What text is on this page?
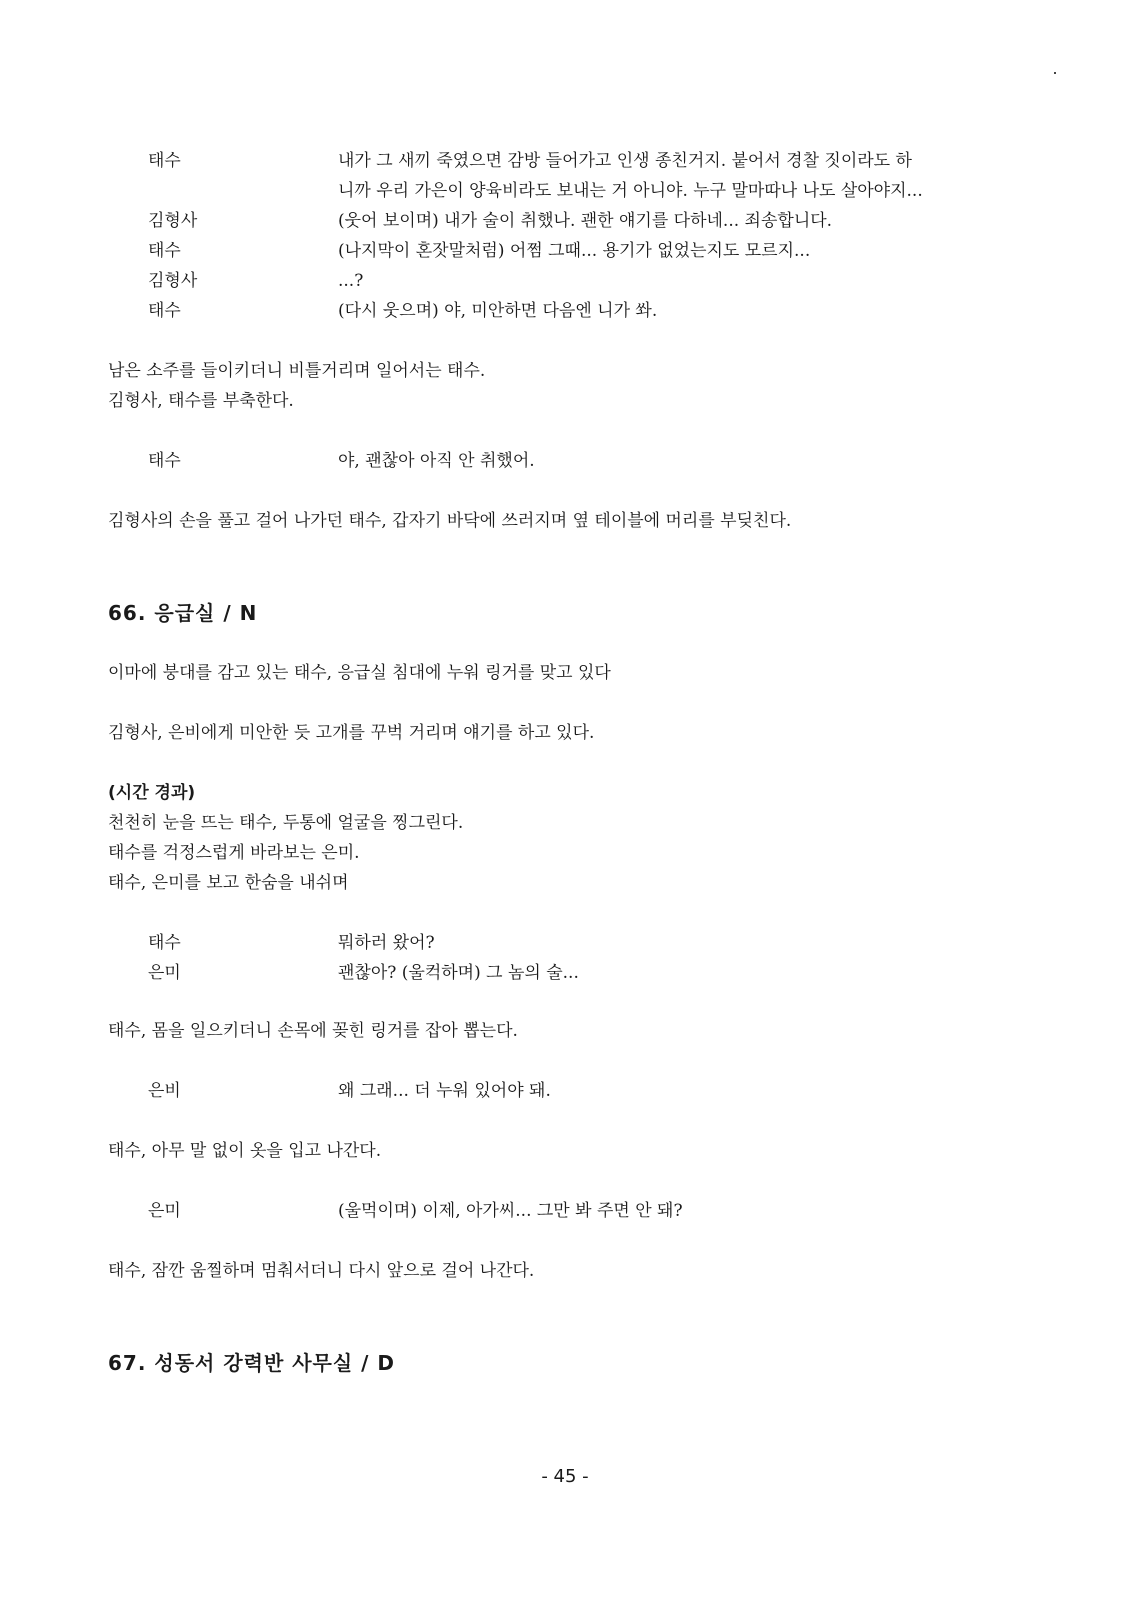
태수	내가 그 새끼 죽였으면 감방 들어가고 인생 종친거지. 붙어서 경찰 짓이라도 하
니까 우리 가은이 양육비라도 보내는 거 아니야. 누구 말마따나 나도 살아야지...
김형사	(웃어 보이며) 내가 술이 취했나. 괜한 얘기를 다하네... 죄송합니다.
태수	(나지막이 혼잣말처럼) 어쩜 그때... 용기가 없었는지도 모르지...
김형사	...?
태수	(다시 웃으며) 야, 미안하면 다음엔 니가 쏴.
남은 소주를 들이키더니 비틀거리며 일어서는 태수.
김형사, 태수를 부축한다.
태수	야, 괜찮아 아직 안 취했어.
김형사의 손을 풀고 걸어 나가던 태수, 갑자기 바닥에 쓰러지며 옆 테이블에 머리를 부딪친다.
66. 응급실 / N
이마에 붕대를 감고 있는 태수, 응급실 침대에 누워 링거를 맞고 있다
김형사, 은비에게 미안한 듯 고개를 꾸벅 거리며 얘기를 하고 있다.
(시간 경과)
천천히 눈을 뜨는 태수, 두통에 얼굴을 찡그린다.
태수를 걱정스럽게 바라보는 은미.
태수, 은미를 보고 한숨을 내쉬며
태수	뭐하러 왔어?
은미	괜찮아? (울컥하며) 그 놈의 술...
태수, 몸을 일으키더니 손목에 꽂힌 링거를 잡아 뽑는다.
은비	왜 그래... 더 누워 있어야 돼.
태수, 아무 말 없이 옷을 입고 나간다.
은미	(울먹이며) 이제, 아가씨... 그만 봐 주면 안 돼?
태수, 잠깐 움찔하며 멈춰서더니 다시 앞으로 걸어 나간다.
67. 성동서 강력반 사무실 / D
- 45 -
